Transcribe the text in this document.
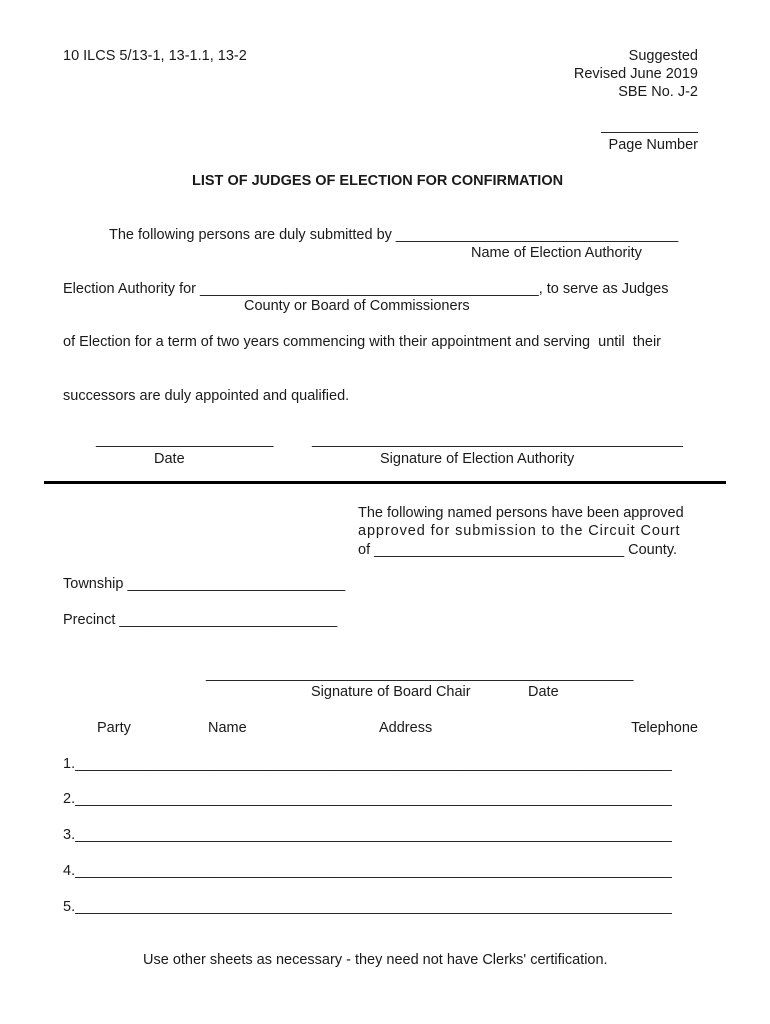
10 ILCS 5/13-1, 13-1.1, 13-2	Suggested
Revised June 2019
SBE No. J-2
____________
Page Number
LIST OF JUDGES OF ELECTION FOR CONFIRMATION
The following persons are duly submitted by ___________________________________
Name of Election Authority
Election Authority for __________________________________________, to serve as Judges
County or Board of Commissioners
of Election for a term of two years commencing with their appointment and serving  until  their
successors are duly appointed and qualified.
______________________	______________________________________________
Date	Signature of Election Authority
The following named persons have been approved
approved for submission to the Circuit Court
of _______________________________ County.
Township ___________________________
Precinct ___________________________
_____________________________________________________
Signature of Board Chair	Date
Party	Name	Address	Telephone
1.__________________________________________________________________________
2.__________________________________________________________________________
3.__________________________________________________________________________
4.__________________________________________________________________________
5.__________________________________________________________________________
Use other sheets as necessary - they need not have Clerks' certification.
